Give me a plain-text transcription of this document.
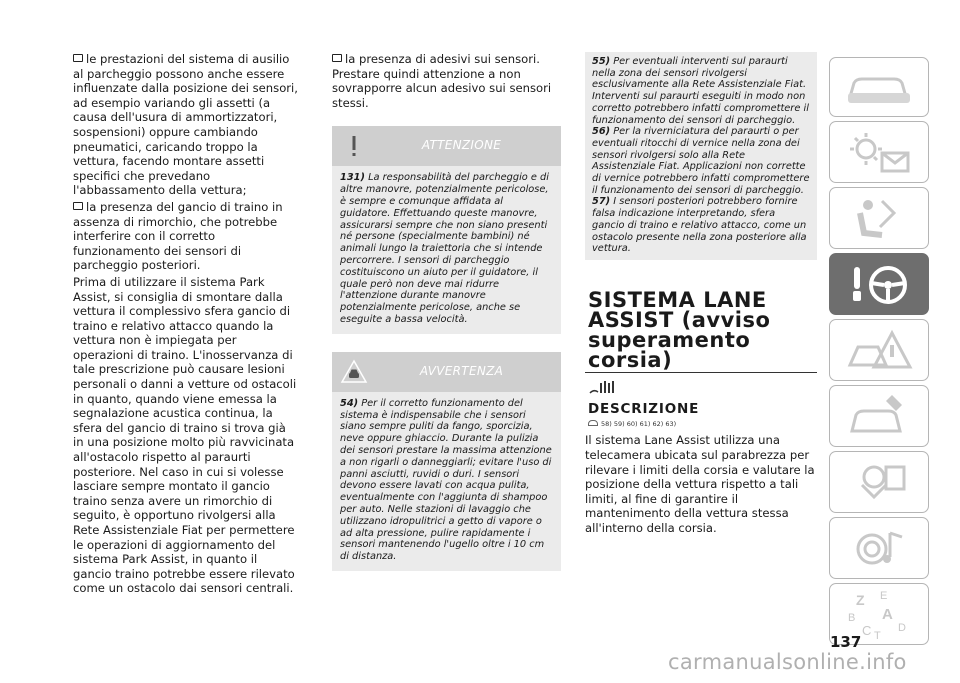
le prestazioni del sistema di ausilio al parcheggio possono anche essere influenzate dalla posizione dei sensori, ad esempio variando gli assetti (a causa dell'usura di ammortizzatori, sospensioni) oppure cambiando pneumatici, caricando troppo la vettura, facendo montare assetti specifici che prevedano l'abbassamento della vettura;

la presenza del gancio di traino in assenza di rimorchio, che potrebbe interferire con il corretto funzionamento dei sensori di parcheggio posteriori.

Prima di utilizzare il sistema Park Assist, si consiglia di smontare dalla vettura il complessivo sfera gancio di traino e relativo attacco quando la vettura non è impiegata per operazioni di traino. L'inosservanza di tale prescrizione può causare lesioni personali o danni a vetture od ostacoli in quanto, quando viene emessa la segnalazione acustica continua, la sfera del gancio di traino si trova già in una posizione molto più ravvicinata all'ostacolo rispetto al paraurti posteriore. Nel caso in cui si volesse lasciare sempre montato il gancio traino senza avere un rimorchio di seguito, è opportuno rivolgersi alla Rete Assistenziale Fiat per permettere le operazioni di aggiornamento del sistema Park Assist, in quanto il gancio traino potrebbe essere rilevato come un ostacolo dai sensori centrali.

la presenza di adesivi sui sensori. Prestare quindi attenzione a non sovrapporre alcun adesivo sui sensori stessi.

ATTENZIONE

131) La responsabilità del parcheggio e di altre manovre, potenzialmente pericolose, è sempre e comunque affidata al guidatore. Effettuando queste manovre, assicurarsi sempre che non siano presenti né persone (specialmente bambini) né animali lungo la traiettoria che si intende percorrere. I sensori di parcheggio costituiscono un aiuto per il guidatore, il quale però non deve mai ridurre l'attenzione durante manovre potenzialmente pericolose, anche se eseguite a bassa velocità.

AVVERTENZA

54) Per il corretto funzionamento del sistema è indispensabile che i sensori siano sempre puliti da fango, sporcizia, neve oppure ghiaccio. Durante la pulizia dei sensori prestare la massima attenzione a non rigarli o danneggiarli; evitare l'uso di panni asciutti, ruvidi o duri. I sensori devono essere lavati con acqua pulita, eventualmente con l'aggiunta di shampoo per auto. Nelle stazioni di lavaggio che utilizzano idropulitrici a getto di vapore o ad alta pressione, pulire rapidamente i sensori mantenendo l'ugello oltre i 10 cm di distanza.

55) Per eventuali interventi sul paraurti nella zona dei sensori rivolgersi esclusivamente alla Rete Assistenziale Fiat. Interventi sul paraurti eseguiti in modo non corretto potrebbero infatti compromettere il funzionamento dei sensori di parcheggio.

56) Per la riverniciatura del paraurti o per eventuali ritocchi di vernice nella zona dei sensori rivolgersi solo alla Rete Assistenziale Fiat. Applicazioni non corrette di vernice potrebbero infatti compromettere il funzionamento dei sensori di parcheggio.

57) I sensori posteriori potrebbero fornire falsa indicazione interpretando, sfera gancio di traino e relativo attacco, come un ostacolo presente nella zona posteriore alla vettura.

SISTEMA LANE ASSIST (avviso superamento corsia)
DESCRIZIONE
58) 59) 60) 61) 62) 63)

Il sistema Lane Assist utilizza una telecamera ubicata sul parabrezza per rilevare i limiti della corsia e valutare la posizione della vettura rispetto a tali limiti, al fine di garantire il mantenimento della vettura stessa all'interno della corsia.

Z E
B A
C T
D
137
carmanualsonline.info
